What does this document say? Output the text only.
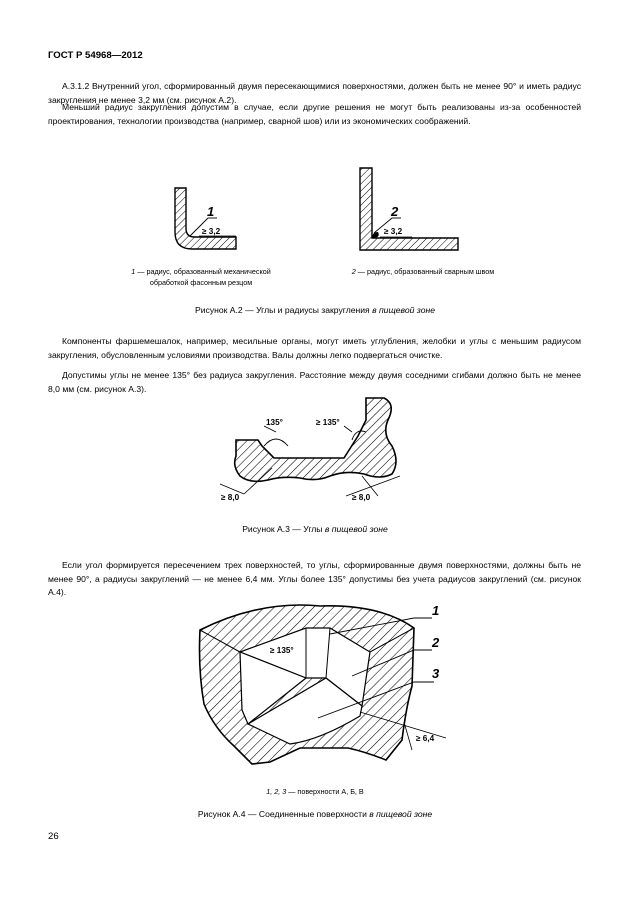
ГОСТ Р 54968—2012
А.3.1.2 Внутренний угол, сформированный двумя пересекающимися поверхностями, должен быть не менее 90° и иметь радиус закругления не менее 3,2 мм (см. рисунок А.2).
Меньший радиус закругления допустим в случае, если другие решения не могут быть реализованы из-за особенностей проектирования, технологии производства (например, сварной шов) или из экономических соображений.
1
≥ 3,2
2
≥ 3,2
135°	≥ 135°
≥ 8,0	≥ 8,0
1
2
3
≥ 135°
≥ 6,4
1 — радиус, образованный механической
обработкой фасонным резцом
2 — радиус, образованный сварным швом
Рисунок А.2 — Углы и радиусы закругления в пищевой зоне
Компоненты фаршемешалок, например, месильные органы, могут иметь углубления, желобки и углы с меньшим радиусом закругления, обусловленным условиями производства. Валы должны легко подвергаться очистке.
Допустимы углы не менее 135° без радиуса закругления. Расстояние между двумя соседними сгибами должно быть не менее 8,0 мм (см. рисунок А.3).
Рисунок А.3 — Углы в пищевой зоне
Если угол формируется пересечением трех поверхностей, то углы, сформированные двумя поверхностями, должны быть не менее 90°, а радиусы закруглений — не менее 6,4 мм. Углы более 135° допустимы без учета радиусов закруглений (см. рисунок А.4).
1, 2, 3 — поверхности А, Б, В
Рисунок А.4 — Соединенные поверхности в пищевой зоне
26
